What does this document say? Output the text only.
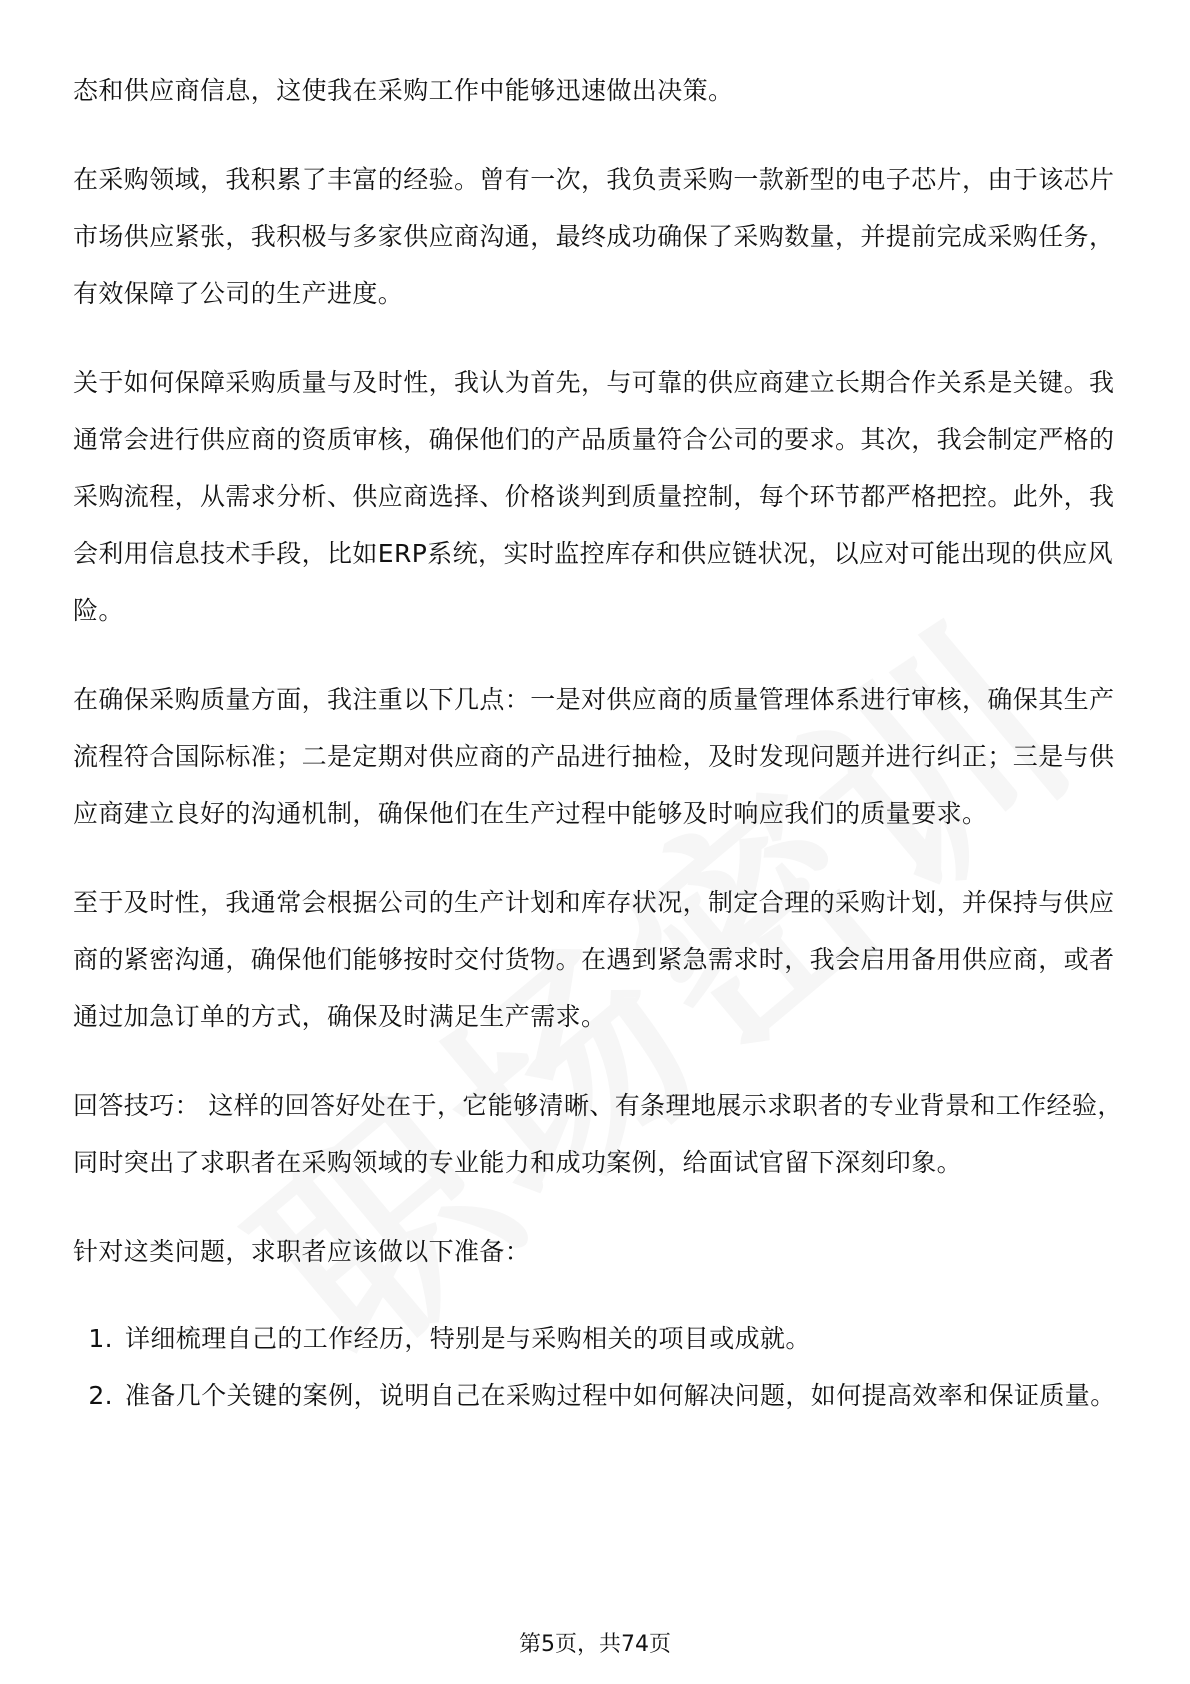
态和供应商信息，这使我在采购工作中能够迅速做出决策。

在采购领域，我积累了丰富的经验。曾有一次，我负责采购一款新型的电子芯片，由于该芯片市场供应紧张，我积极与多家供应商沟通，最终成功确保了采购数量，并提前完成采购任务，有效保障了公司的生产进度。

关于如何保障采购质量与及时性，我认为首先，与可靠的供应商建立长期合作关系是关键。我通常会进行供应商的资质审核，确保他们的产品质量符合公司的要求。其次，我会制定严格的采购流程，从需求分析、供应商选择、价格谈判到质量控制，每个环节都严格把控。此外，我会利用信息技术手段，比如ERP系统，实时监控库存和供应链状况，以应对可能出现的供应风险。

在确保采购质量方面，我注重以下几点：一是对供应商的质量管理体系进行审核，确保其生产流程符合国际标准；二是定期对供应商的产品进行抽检，及时发现问题并进行纠正；三是与供应商建立良好的沟通机制，确保他们在生产过程中能够及时响应我们的质量要求。

至于及时性，我通常会根据公司的生产计划和库存状况，制定合理的采购计划，并保持与供应商的紧密沟通，确保他们能够按时交付货物。在遇到紧急需求时，我会启用备用供应商，或者通过加急订单的方式，确保及时满足生产需求。

回答技巧： 这样的回答好处在于，它能够清晰、有条理地展示求职者的专业背景和工作经验，同时突出了求职者在采购领域的专业能力和成功案例，给面试官留下深刻印象。

针对这类问题，求职者应该做以下准备：

1. 详细梳理自己的工作经历，特别是与采购相关的项目或成就。
2. 准备几个关键的案例，说明自己在采购过程中如何解决问题，如何提高效率和保证质量。
第5页，共74页
